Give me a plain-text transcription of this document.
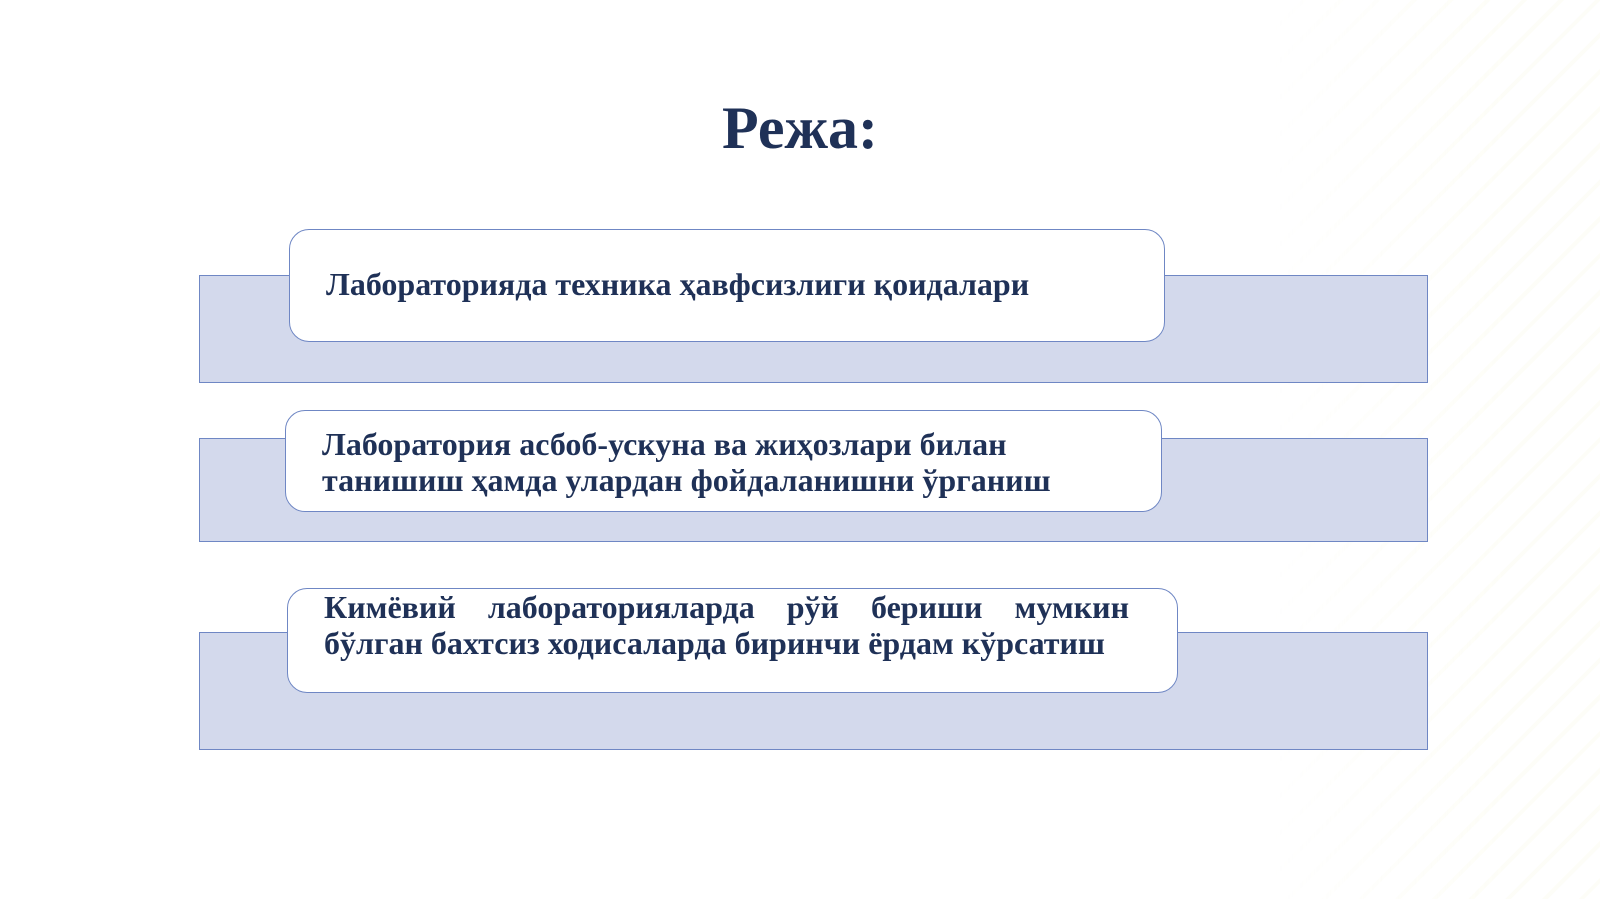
Режа:
Лабораторияда техника ҳавфсизлиги қоидалари
Лаборатория асбоб-ускуна ва жиҳозлари билан танишиш ҳамда улардан фойдаланишни ўрганиш
Кимёвий лабораторияларда рўй бериши мумкин бўлган бахтсиз ходисаларда биринчи ёрдам кўрсатиш
